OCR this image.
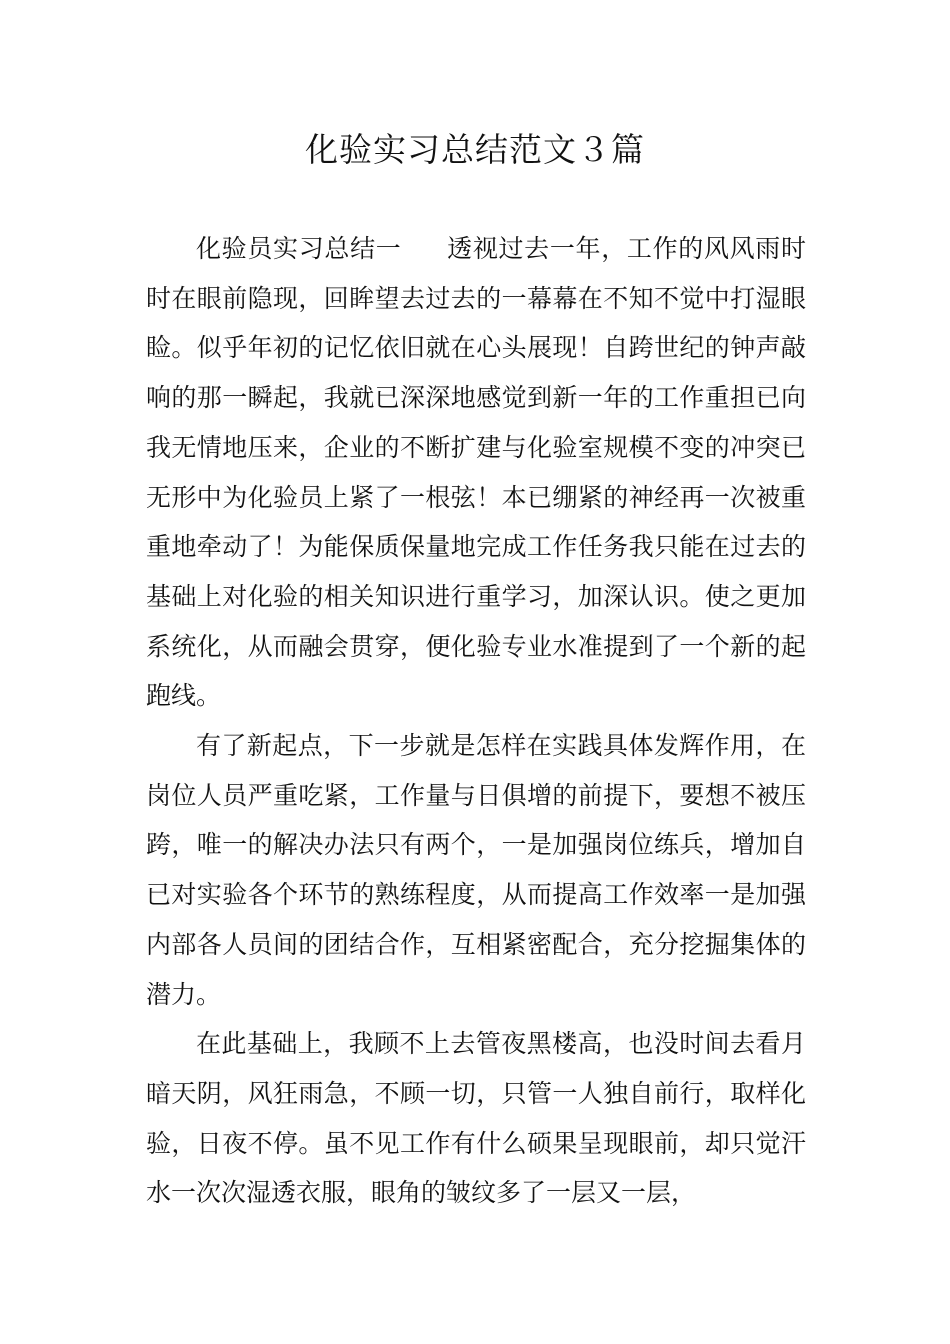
化验实习总结范文３篇

化验员实习总结一 透视过去一年，工作的风风雨时时在眼前隐现，回眸望去过去的一幕幕在不知不觉中打湿眼睑。似乎年初的记忆依旧就在心头展现！自跨世纪的钟声敲响的那一瞬起，我就已深深地感觉到新一年的工作重担已向我无情地压来，企业的不断扩建与化验室规模不变的冲突已无形中为化验员上紧了一根弦！本已绷紧的神经再一次被重重地牵动了！为能保质保量地完成工作任务我只能在过去的基础上对化验的相关知识进行重学习，加深认识。使之更加系统化，从而融会贯穿，便化验专业水准提到了一个新的起跑线。

有了新起点，下一步就是怎样在实践具体发辉作用，在岗位人员严重吃紧，工作量与日俱增的前提下，要想不被压跨，唯一的解决办法只有两个，一是加强岗位练兵，增加自已对实验各个环节的熟练程度，从而提高工作效率一是加强内部各人员间的团结合作，互相紧密配合，充分挖掘集体的潜力。

在此基础上，我顾不上去管夜黑楼高，也没时间去看月暗天阴，风狂雨急，不顾一切，只管一人独自前行，取样化验，日夜不停。虽不见工作有什么硕果呈现眼前，却只觉汗水一次次湿透衣服，眼角的皱纹多了一层又一层，
